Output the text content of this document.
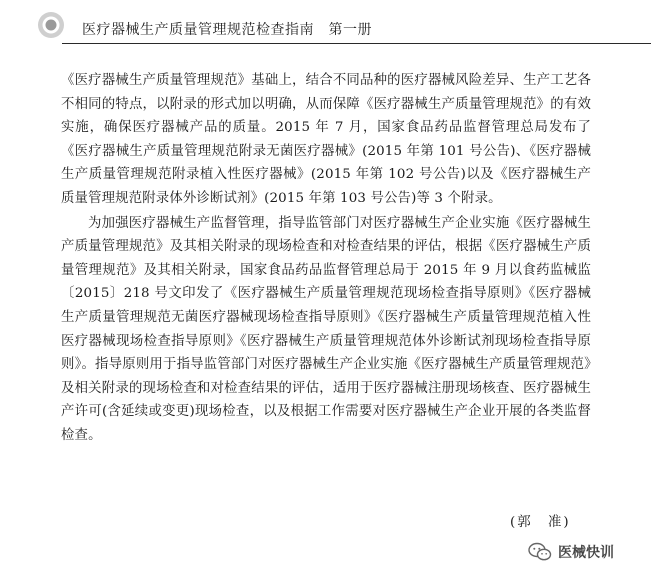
医疗器械生产质量管理规范检查指南　第一册

《医疗器械生产质量管理规范》基础上，结合不同品种的医疗器械风险差异、生产工艺各不相同的特点，以附录的形式加以明确，从而保障《医疗器械生产质量管理规范》的有效实施，确保医疗器械产品的质量。2015 年 7 月，国家食品药品监督管理总局发布了《医疗器械生产质量管理规范附录无菌医疗器械》(2015 年第 101 号公告)、《医疗器械生产质量管理规范附录植入性医疗器械》(2015 年第 102 号公告)以及《医疗器械生产质量管理规范附录体外诊断试剂》(2015 年第 103 号公告)等 3 个附录。

为加强医疗器械生产监督管理，指导监管部门对医疗器械生产企业实施《医疗器械生产质量管理规范》及其相关附录的现场检查和对检查结果的评估，根据《医疗器械生产质量管理规范》及其相关附录，国家食品药品监督管理总局于 2015 年 9 月以食药监械监〔2015〕218 号文印发了《医疗器械生产质量管理规范现场检查指导原则》《医疗器械生产质量管理规范无菌医疗器械现场检查指导原则》《医疗器械生产质量管理规范植入性医疗器械现场检查指导原则》《医疗器械生产质量管理规范体外诊断试剂现场检查指导原则》。指导原则用于指导监管部门对医疗器械生产企业实施《医疗器械生产质量管理规范》及相关附录的现场检查和对检查结果的评估，适用于医疗器械注册现场核查、医疗器械生产许可(含延续或变更)现场检查，以及根据工作需要对医疗器械生产企业开展的各类监督检查。

(郭　准)
医械快训
